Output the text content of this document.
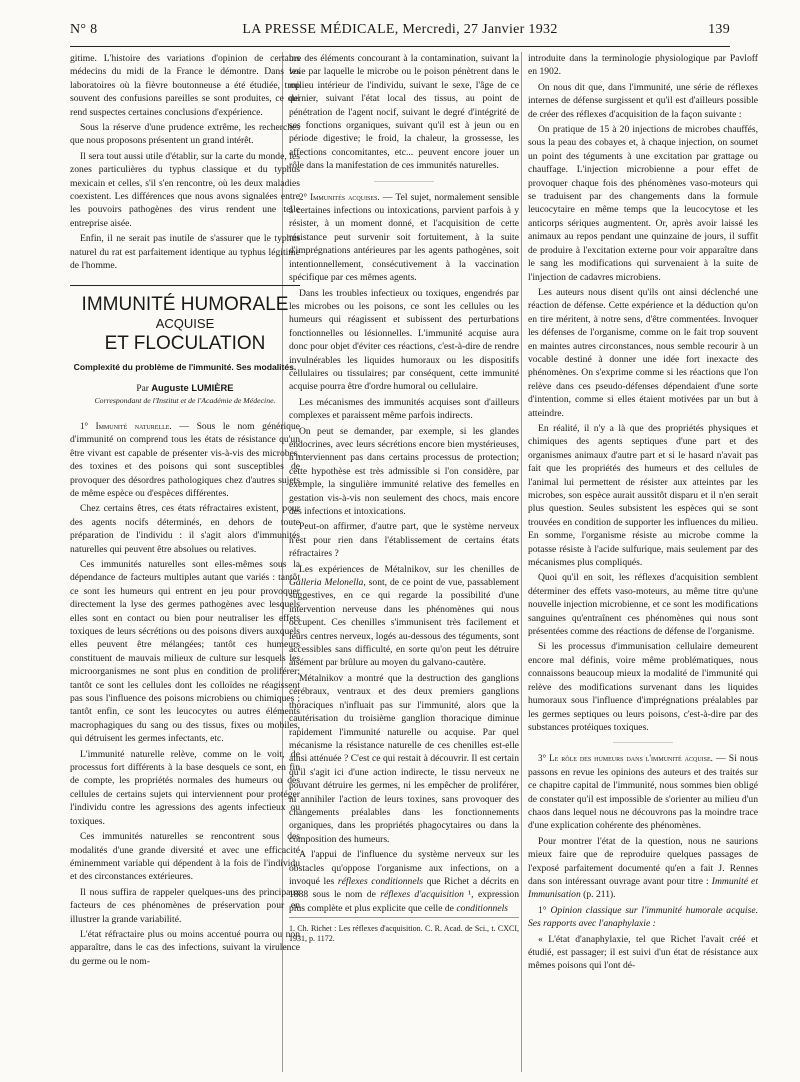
N° 8	LA PRESSE MÉDICALE, Mercredi, 27 Janvier 1932	139

gitime. L'histoire des variations d'opinion de certains médecins du midi de la France le démontre. Dans les laboratoires où la fièvre boutonneuse a été étudiée, trop souvent des confusions pareilles se sont produites, ce qui rend suspectes certaines conclusions d'expérience.

Sous la réserve d'une prudence extrême, les recherches que nous proposons présentent un grand intérêt.

Il sera tout aussi utile d'établir, sur la carte du monde, les zones particulières du typhus classique et du typhus mexicain et celles, s'il s'en rencontre, où les deux maladies coexistent. Les différences que nous avons signalées entre les pouvoirs pathogènes des virus rendent une telle entreprise aisée.

Enfin, il ne serait pas inutile de s'assurer que le typhus naturel du rat est parfaitement identique au typhus légitime de l'homme.

IMMUNITÉ HUMORALE
ACQUISE
ET FLOCULATION
Complexité du problème de l'immunité. Ses modalités.
Par Auguste LUMIÈRE
Correspondant de l'Institut et de l'Académie de Médecine.

1° Immunité naturelle. — Sous le nom générique d'immunité on comprend tous les états de résistance qu'un être vivant est capable de présenter vis-à-vis des microbes, des toxines et des poisons qui sont susceptibles de provoquer des désordres pathologiques chez d'autres sujets de même espèce ou d'espèces différentes.

Chez certains êtres, ces états réfractaires existent, pour des agents nocifs déterminés, en dehors de toute préparation de l'individu : il s'agit alors d'immunités naturelles qui peuvent être absolues ou relatives.

Ces immunités naturelles sont elles-mêmes sous la dépendance de facteurs multiples autant que variés : tantôt ce sont les humeurs qui entrent en jeu pour provoquer directement la lyse des germes pathogènes avec lesquels elles sont en contact ou bien pour neutraliser les effets toxiques de leurs sécrétions ou des poisons divers auxquels elles peuvent être mélangées; tantôt ces humeurs constituent de mauvais milieux de culture sur lesquels les microorganismes ne sont plus en condition de proliférer; tantôt ce sont les cellules dont les colloïdes ne réagissent pas sous l'influence des poisons microbiens ou chimiques ; tantôt enfin, ce sont les leucocytes ou autres éléments macrophagiques du sang ou des tissus, fixes ou mobiles, qui détruisent les germes infectants, etc.

L'immunité naturelle relève, comme on le voit, de processus fort différents à la base desquels ce sont, en fin de compte, les propriétés normales des humeurs ou des cellules de certains sujets qui interviennent pour protéger l'individu contre les agressions des agents infectieux ou toxiques.

Ces immunités naturelles se rencontrent sous des modalités d'une grande diversité et avec une efficacité éminemment variable qui dépendent à la fois de l'individu et des circonstances extérieures.

Il nous suffira de rappeler quelques-uns des principaux facteurs de ces phénomènes de préservation pour en illustrer la grande variabilité.

L'état réfractaire plus ou moins accentué pourra ou non apparaître, dans le cas des infections, suivant la virulence du germe ou le nom-

bre des éléments concourant à la contamination, suivant la voie par laquelle le microbe ou le poison pénètrent dans le milieu intérieur de l'individu, suivant le sexe, l'âge de ce dernier, suivant l'état local des tissus, au point de pénétration de l'agent nocif, suivant le degré d'intégrité de ses fonctions organiques, suivant qu'il est à jeun ou en période digestive; le froid, la chaleur, la grossesse, les affections concomitantes, etc... peuvent encore jouer un rôle dans la manifestation de ces immunités naturelles.

2° Immunités acquises. — Tel sujet, normalement sensible à certaines infections ou intoxications, parvient parfois à y résister, à un moment donné, et l'acquisition de cette résistance peut survenir soit fortuitement, à la suite d'imprégnations antérieures par les agents pathogènes, soit intentionnellement, consécutivement à la vaccination spécifique par ces mêmes agents.

Dans les troubles infectieux ou toxiques, engendrés par les microbes ou les poisons, ce sont les cellules ou les humeurs qui réagissent et subissent des perturbations fonctionnelles ou lésionnelles. L'immunité acquise aura donc pour objet d'éviter ces réactions, c'est-à-dire de rendre invulnérables les liquides humoraux ou les dispositifs cellulaires ou tissulaires; par conséquent, cette immunité acquise pourra être d'ordre humoral ou cellulaire.

Les mécanismes des immunités acquises sont d'ailleurs complexes et paraissent même parfois indirects.

On peut se demander, par exemple, si les glandes endocrines, avec leurs sécrétions encore bien mystérieuses, n'interviennent pas dans certains processus de protection; cette hypothèse est très admissible si l'on considère, par exemple, la singulière immunité relative des femelles en gestation vis-à-vis non seulement des chocs, mais encore des infections et intoxications.

Peut-on affirmer, d'autre part, que le système nerveux n'est pour rien dans l'établissement de certains états réfractaires ?

Les expériences de Métalnikov, sur les chenilles de Galleria Melonella, sont, de ce point de vue, passablement suggestives, en ce qui regarde la possibilité d'une intervention nerveuse dans les phénomènes qui nous occupent. Ces chenilles s'immunisent très facilement et leurs centres nerveux, logés au-dessous des téguments, sont accessibles sans difficulté, en sorte qu'on peut les détruire aisément par brûlure au moyen du galvano-cautère.

Métalnikov a montré que la destruction des ganglions cérébraux, ventraux et des deux premiers ganglions thoraciques n'influait pas sur l'immunité, alors que la cautérisation du troisième ganglion thoracique diminue rapidement l'immunité naturelle ou acquise. Par quel mécanisme la résistance naturelle de ces chenilles est-elle ainsi atténuée ? C'est ce qui restait à découvrir. Il est certain qu'il s'agit ici d'une action indirecte, le tissu nerveux ne pouvant détruire les germes, ni les empêcher de proliférer, ni annihiler l'action de leurs toxines, sans provoquer des changements préalables dans les fonctionnements organiques, dans les propriétés phagocytaires ou dans la composition des humeurs.

A l'appui de l'influence du système nerveux sur les obstacles qu'oppose l'organisme aux infections, on a invoqué les réflexes conditionnels que Richet a décrits en 1888 sous le nom de réflexes d'acquisition ¹, expression plus complète et plus explicite que celle de conditionnels

1. Ch. Richet : Les réflexes d'acquisition. C. R. Acad. de Sci., t. CXCI, 1931, p. 1172.

introduite dans la terminologie physiologique par Pavloff en 1902.

On nous dit que, dans l'immunité, une série de réflexes internes de défense surgissent et qu'il est d'ailleurs possible de créer des réflexes d'acquisition de la façon suivante :

On pratique de 15 à 20 injections de microbes chauffés, sous la peau des cobayes et, à chaque injection, on soumet un point des téguments à une excitation par grattage ou chauffage. L'injection microbienne a pour effet de provoquer chaque fois des phénomènes vaso-moteurs qui se traduisent par des changements dans la formule leucocytaire en même temps que la leucocytose et les anticorps sériques augmentent. Or, après avoir laissé les animaux au repos pendant une quinzaine de jours, il suffit de produire à l'excitation externe pour voir apparaître dans le sang les modifications qui survenaient à la suite de l'injection de cadavres microbiens.

Les auteurs nous disent qu'ils ont ainsi déclenché une réaction de défense. Cette expérience et la déduction qu'on en tire méritent, à notre sens, d'être commentées. Invoquer les défenses de l'organisme, comme on le fait trop souvent en maintes autres circonstances, nous semble recourir à un vocable destiné à donner une idée fort inexacte des phénomènes. On s'exprime comme si les réactions que l'on relève dans ces pseudo-défenses dépendaient d'une sorte d'intention, comme si elles étaient motivées par un but à atteindre.

En réalité, il n'y a là que des propriétés physiques et chimiques des agents septiques d'une part et des organismes animaux d'autre part et si le hasard n'avait pas fait que les propriétés des humeurs et des cellules de l'animal lui permettent de résister aux atteintes par les microbes, son espèce aurait aussitôt disparu et il n'en serait plus question. Seules subsistent les espèces qui se sont trouvées en condition de supporter les influences du milieu. En somme, l'organisme résiste au microbe comme la potasse résiste à l'acide sulfurique, mais seulement par des mécanismes plus compliqués.

Quoi qu'il en soit, les réflexes d'acquisition semblent déterminer des effets vaso-moteurs, au même titre qu'une nouvelle injection microbienne, et ce sont les modifications sanguines qu'entraînent ces phénomènes qui nous sont présentées comme des réactions de défense de l'organisme.

Si les processus d'immunisation cellulaire demeurent encore mal définis, voire même problématiques, nous connaissons beaucoup mieux la modalité de l'immunité qui relève des modifications survenant dans les liquides humoraux sous l'influence d'imprégnations préalables par les germes septiques ou leurs poisons, c'est-à-dire par des substances protéiques toxiques.

3° Le rôle des humeurs dans l'immunité acquise. — Si nous passons en revue les opinions des auteurs et des traités sur ce chapitre capital de l'immunité, nous sommes bien obligé de constater qu'il est impossible de s'orienter au milieu d'un chaos dans lequel nous ne découvrons pas la moindre trace d'une explication cohérente des phénomènes.

Pour montrer l'état de la question, nous ne saurions mieux faire que de reproduire quelques passages de l'exposé parfaitement documenté qu'en a fait J. Rennes dans son intéressant ouvrage avant pour titre : Immunité et Immunisation (p. 211).

1° Opinion classique sur l'immunité humorale acquise. Ses rapports avec l'anaphylaxie :

« L'état d'anaphylaxie, tel que Richet l'avait créé et étudié, est passager; il est suivi d'un état de résistance aux mêmes poisons qui l'ont dé-
